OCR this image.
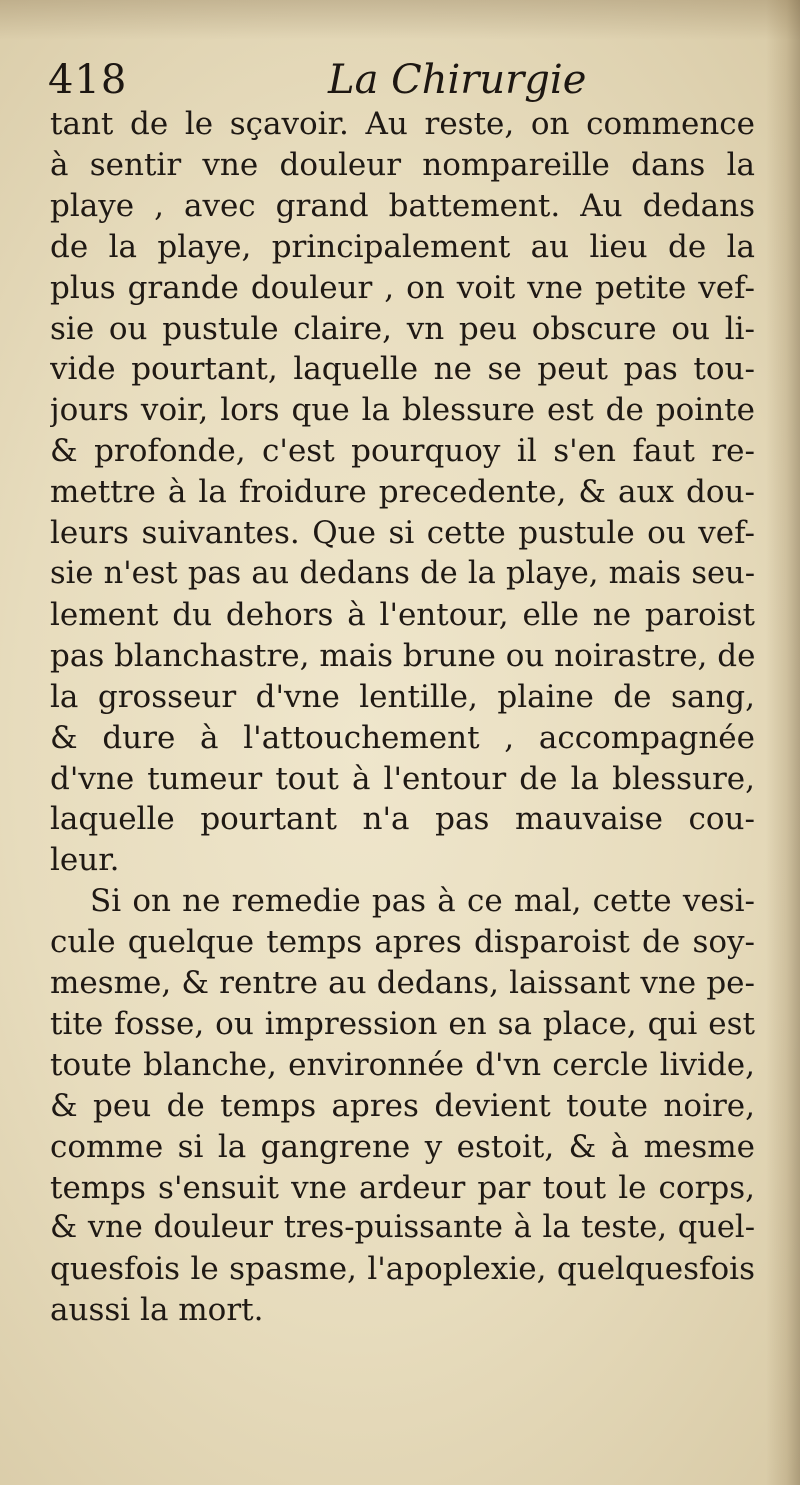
418	La Chirurgie
tant de le sçavoir. Au reste, on commence
à sentir vne douleur nompareille dans la
playe , avec grand battement. Au dedans
de la playe, principalement au lieu de la
plus grande douleur , on voit vne petite vef-
sie ou pustule claire, vn peu obscure ou li-
vide pourtant, laquelle ne se peut pas tou-
jours voir, lors que la blessure est de pointe
& profonde, c'est pourquoy il s'en faut re-
mettre à la froidure precedente, & aux dou-
leurs suivantes. Que si cette pustule ou vef-
sie n'est pas au dedans de la playe, mais seu-
lement du dehors à l'entour, elle ne paroist
pas blanchastre, mais brune ou noirastre, de
la grosseur d'vne lentille, plaine de sang,
& dure à l'attouchement , accompagnée
d'vne tumeur tout à l'entour de la blessure,
laquelle pourtant n'a pas mauvaise cou-
leur.
Si on ne remedie pas à ce mal, cette vesi-
cule quelque temps apres disparoist de soy-
mesme, & rentre au dedans, laissant vne pe-
tite fosse, ou impression en sa place, qui est
toute blanche, environnée d'vn cercle livide,
& peu de temps apres devient toute noire,
comme si la gangrene y estoit, & à mesme
temps s'ensuit vne ardeur par tout le corps,
& vne douleur tres-puissante à la teste, quel-
quesfois le spasme, l'apoplexie, quelquesfois
aussi la mort.
